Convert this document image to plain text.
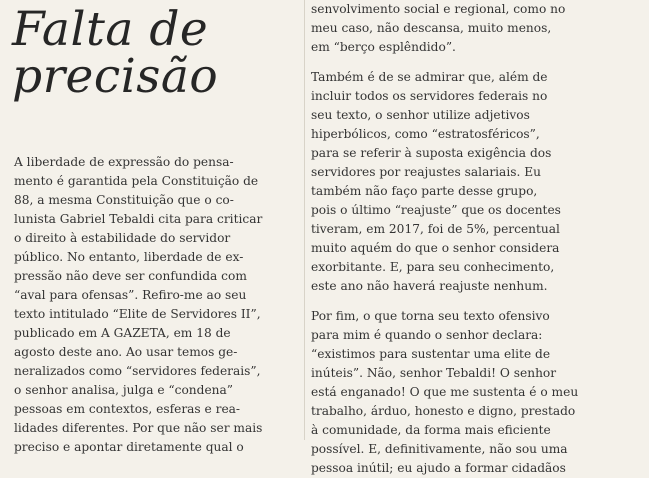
Falta de
precisão
A liberdade de expressão do pensa-
mento é garantida pela Constituição de
88, a mesma Constituição que o co-
lunista Gabriel Tebaldi cita para criticar
o direito à estabilidade do servidor
público. No entanto, liberdade de ex-
pressão não deve ser confundida com
“aval para ofensas”. Refiro-me ao seu
texto intitulado “Elite de Servidores II”,
publicado em A GAZETA, em 18 de
agosto deste ano. Ao usar temos ge-
neralizados como “servidores federais”,
o senhor analisa, julga e “condena”
pessoas em contextos, esferas e rea-
lidades diferentes. Por que não ser mais
preciso e apontar diretamente qual o
senvolvimento social e regional, como no
meu caso, não descansa, muito menos,
em “berço esplêndido”.
Também é de se admirar que, além de
incluir todos os servidores federais no
seu texto, o senhor utilize adjetivos
hiperbólicos, como “estratosféricos”,
para se referir à suposta exigência dos
servidores por reajustes salariais. Eu
também não faço parte desse grupo,
pois o último “reajuste” que os docentes
tiveram, em 2017, foi de 5%, percentual
muito aquém do que o senhor considera
exorbitante. E, para seu conhecimento,
este ano não haverá reajuste nenhum.
Por fim, o que torna seu texto ofensivo
para mim é quando o senhor declara:
“existimos para sustentar uma elite de
inúteis”. Não, senhor Tebaldi! O senhor
está enganado! O que me sustenta é o meu
trabalho, árduo, honesto e digno, prestado
à comunidade, da forma mais eficiente
possível. E, definitivamente, não sou uma
pessoa inútil; eu ajudo a formar cidadãos
